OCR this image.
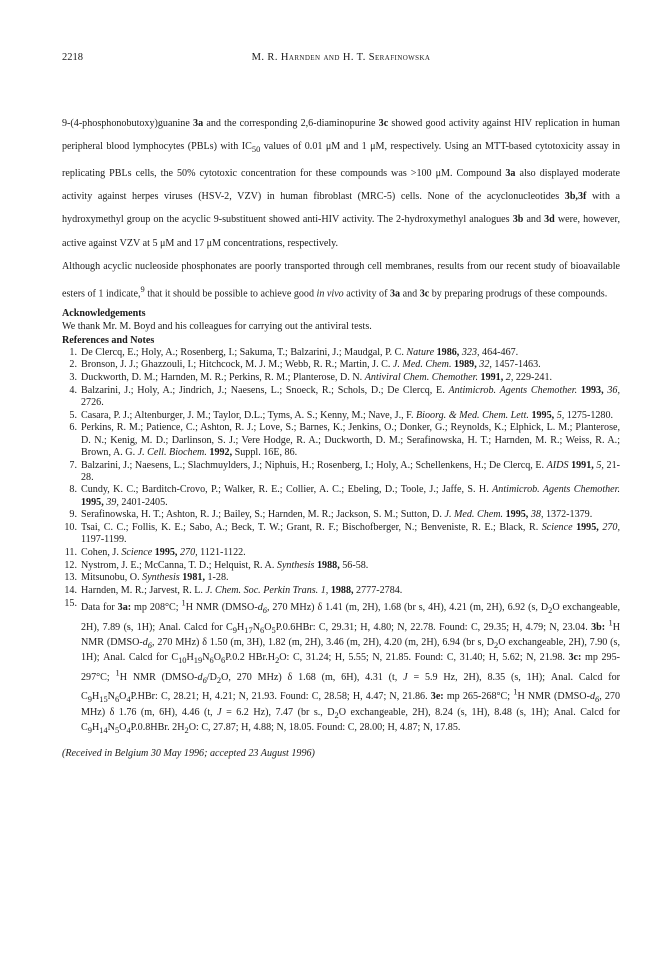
2218	M. R. Harnden and H. T. Serafinowska

9-(4-phosphonobutoxy)guanine 3a and the corresponding 2,6-diaminopurine 3c showed good activity against HIV replication in human peripheral blood lymphocytes (PBLs) with $IC_{50}$ values of 0.01 μM and 1 μM, respectively. Using an MTT-based cytotoxicity assay in replicating PBLs cells, the 50% cytotoxic concentration for these compounds was >100 μM. Compound 3a also displayed moderate activity against herpes viruses (HSV-2, VZV) in human fibroblast (MRC-5) cells. None of the acyclonucleotides 3b,3f with a hydroxymethyl group on the acyclic 9-substituent showed anti-HIV activity. The 2-hydroxymethyl analogues 3b and 3d were, however, active against VZV at 5 μM and 17 μM concentrations, respectively.

Although acyclic nucleoside phosphonates are poorly transported through cell membranes, results from our recent study of bioavailable esters of 1 indicate,$^9$ that it should be possible to achieve good in vivo activity of 3a and 3c by preparing prodrugs of these compounds.

Acknowledgements
We thank Mr. M. Boyd and his colleagues for carrying out the antiviral tests.
References and Notes
1. De Clercq, E.; Holy, A.; Rosenberg, I.; Sakuma, T.; Balzarini, J.; Maudgal, P. C. Nature 1986, 323, 464-467.
2. Bronson, J. J.; Ghazzouli, I.; Hitchcock, M. J. M.; Webb, R. R.; Martin, J. C. J. Med. Chem. 1989, 32, 1457-1463.
3. Duckworth, D. M.; Harnden, M. R.; Perkins, R. M.; Planterose, D. N. Antiviral Chem. Chemother. 1991, 2, 229-241.
4. Balzarini, J.; Holy, A.; Jindrich, J.; Naesens, L.; Snoeck, R.; Schols, D.; De Clercq, E. Antimicrob. Agents Chemother. 1993, 36, 2726.
5. Casara, P. J.; Altenburger, J. M.; Taylor, D.L.; Tyms, A. S.; Kenny, M.; Nave, J., F. Bioorg. & Med. Chem. Lett. 1995, 5, 1275-1280.
6. Perkins, R. M.; Patience, C.; Ashton, R. J.; Love, S.; Barnes, K.; Jenkins, O.; Donker, G.; Reynolds, K.; Elphick, L. M.; Planterose, D. N.; Kenig, M. D.; Darlinson, S. J.; Vere Hodge, R. A.; Duckworth, D. M.; Serafinowska, H. T.; Harnden, M. R.; Weiss, R. A.; Brown, A. G. J. Cell. Biochem. 1992, Suppl. 16E, 86.
7. Balzarini, J.; Naesens, L.; Slachmuylders, J.; Niphuis, H.; Rosenberg, I.; Holy, A.; Schellenkens, H.; De Clercq, E. AIDS 1991, 5, 21-28.
8. Cundy, K. C.; Barditch-Crovo, P.; Walker, R. E.; Collier, A. C.; Ebeling, D.; Toole, J.; Jaffe, S. H. Antimicrob. Agents Chemother. 1995, 39, 2401-2405.
9. Serafinowska, H. T.; Ashton, R. J.; Bailey, S.; Harnden, M. R.; Jackson, S. M.; Sutton, D. J. Med. Chem. 1995, 38, 1372-1379.
10. Tsai, C. C.; Follis, K. E.; Sabo, A.; Beck, T. W.; Grant, R. F.; Bischofberger, N.; Benveniste, R. E.; Black, R. Science 1995, 270, 1197-1199.
11. Cohen, J. Science 1995, 270, 1121-1122.
12. Nystrom, J. E.; McCanna, T. D.; Helquist, R. A. Synthesis 1988, 56-58.
13. Mitsunobu, O. Synthesis 1981, 1-28.
14. Harnden, M. R.; Jarvest, R. L. J. Chem. Soc. Perkin Trans. 1, 1988, 2777-2784.
15. Data for 3a: mp 208°C; $^1$H NMR ($DMSO-d_6$, 270 MHz) δ 1.41 (m, 2H), 1.68 (br s, 4H), 4.21 (m, 2H), 6.92 (s, $D_2O$ exchangeable, 2H), 7.89 (s, 1H); Anal. Calcd for $C_9H_{17}N_6O_5P.0.6HBr$: C, 29.31; H, 4.80; N, 22.78. Found: C, 29.35; H, 4.79; N, 23.04. 3b: $^1$H NMR ($DMSO-d_6$, 270 MHz) δ 1.50 (m, 3H), 1.82 (m, 2H), 3.46 (m, 2H), 4.20 (m, 2H), 6.94 (br s, $D_2O$ exchangeable, 2H), 7.90 (s, 1H); Anal. Calcd for $C_{10}H_{19}N_6O_6P.0.2$ $HBr.H_2O$: C, 31.24; H, 5.55; N, 21.85. Found: C, 31.40; H, 5.62; N, 21.98. 3c: mp 295-297°C; $^1$H NMR ($DMSO-d_6/D_2O$, 270 MHz) δ 1.68 (m, 6H), 4.31 (t, J = 5.9 Hz, 2H), 8.35 (s, 1H); Anal. Calcd for $C_9H_{15}N_6O_4P.HBr$: C, 28.21; H, 4.21; N, 21.93. Found: C, 28.58; H, 4.47; N, 21.86. 3e: mp 265-268°C; $^1$H NMR ($DMSO-d_6$, 270 MHz) δ 1.76 (m, 6H), 4.46 (t, J = 6.2 Hz), 7.47 (br s., $D_2O$ exchangeable, 2H), 8.24 (s, 1H), 8.48 (s, 1H); Anal. Calcd for $C_9H_{14}N_5O_4P.0.8HBr$. $2H_2O$: C, 27.87; H, 4.88; N, 18.05. Found: C, 28.00; H, 4.87; N, 17.85.
(Received in Belgium 30 May 1996; accepted 23 August 1996)
